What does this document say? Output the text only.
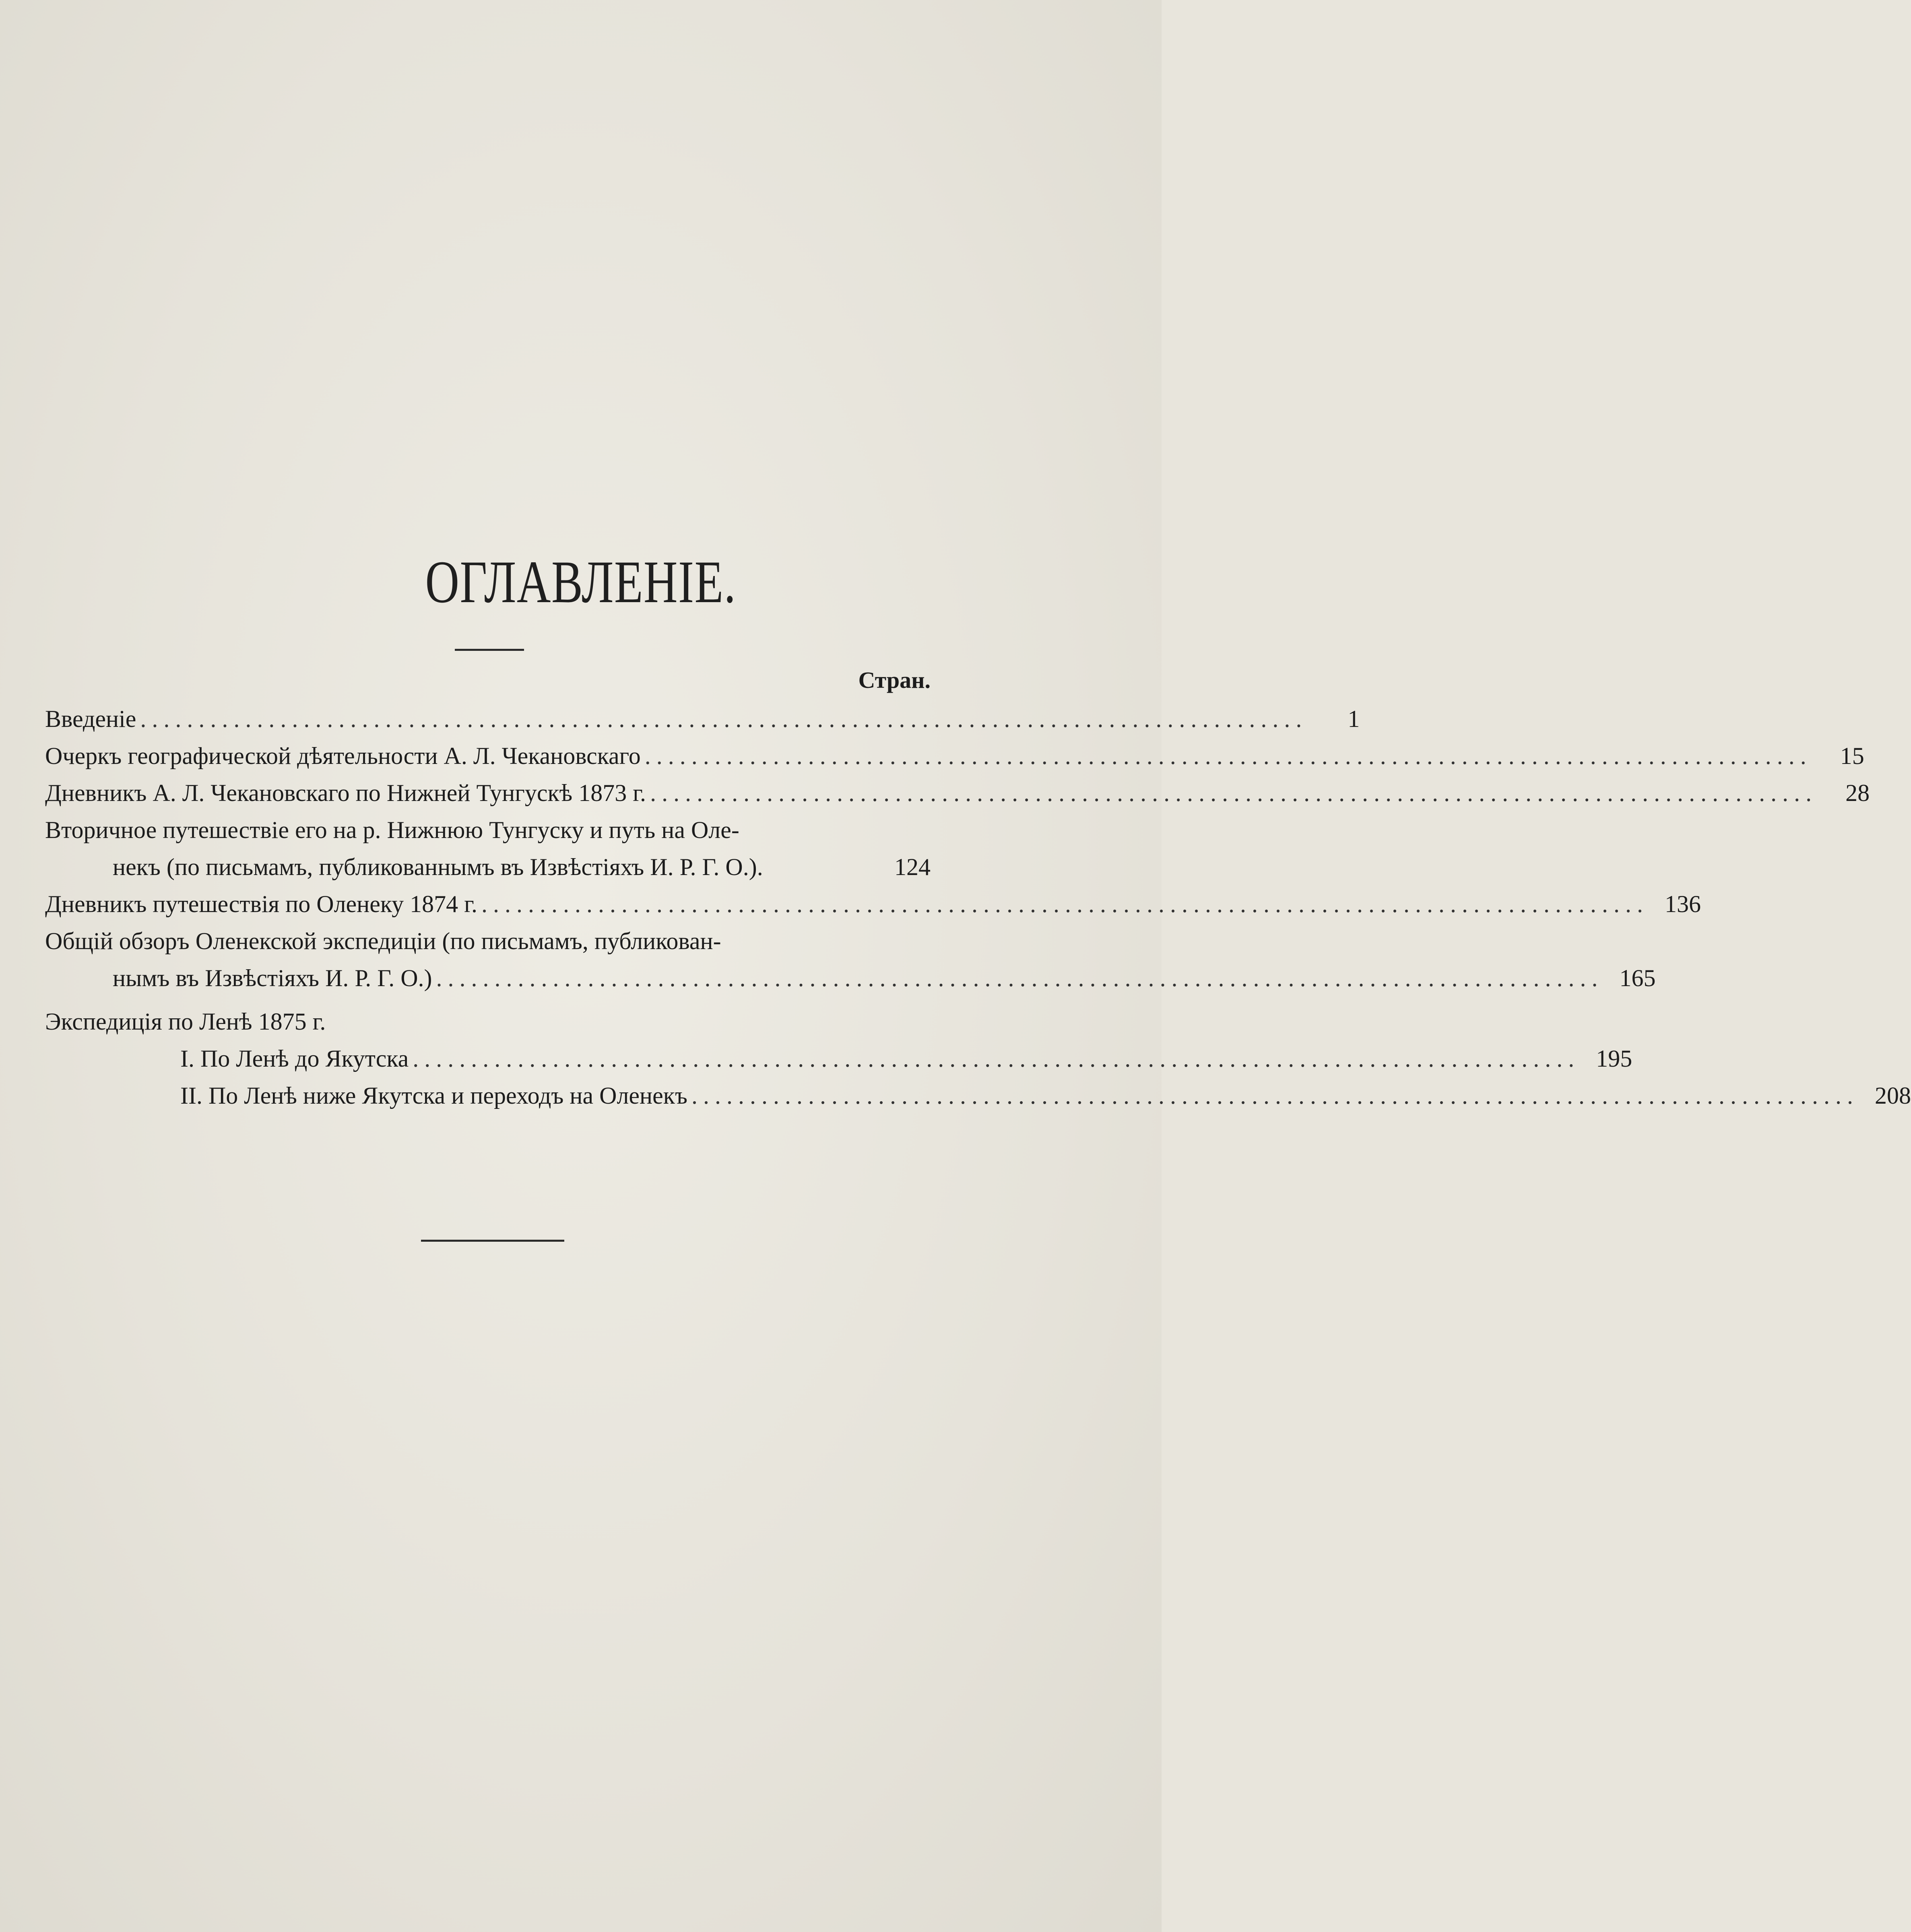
ОГЛАВЛЕНІЕ.
Стран.
Введеніе ....................................................................................................	1
Очеркъ географической дѣятельности А. Л. Чекановскаго ....................................................................................................	15
Дневникъ А. Л. Чекановскаго по Нижней Тунгускѣ 1873 г. ....................................................................................................	28
Вторичное путешествіе его на р. Нижнюю Тунгуску и путь на Оле-
некъ (по письмамъ, публикованнымъ въ Извѣстіяхъ И. Р. Г. О.).	124
Дневникъ путешествія по Оленеку 1874 г. .................................................................................................... 136
Общій обзоръ Оленекской экспедиціи (по письмамъ, публикован-
нымъ въ Извѣстіяхъ И. Р. Г. О.) .................................................................................................... 165
Экспедиція по Ленѣ 1875 г.
I. По Ленѣ до Якутска .................................................................................................... 195
II. По Ленѣ ниже Якутска и переходъ на Оленекъ .................................................................................................... 208
